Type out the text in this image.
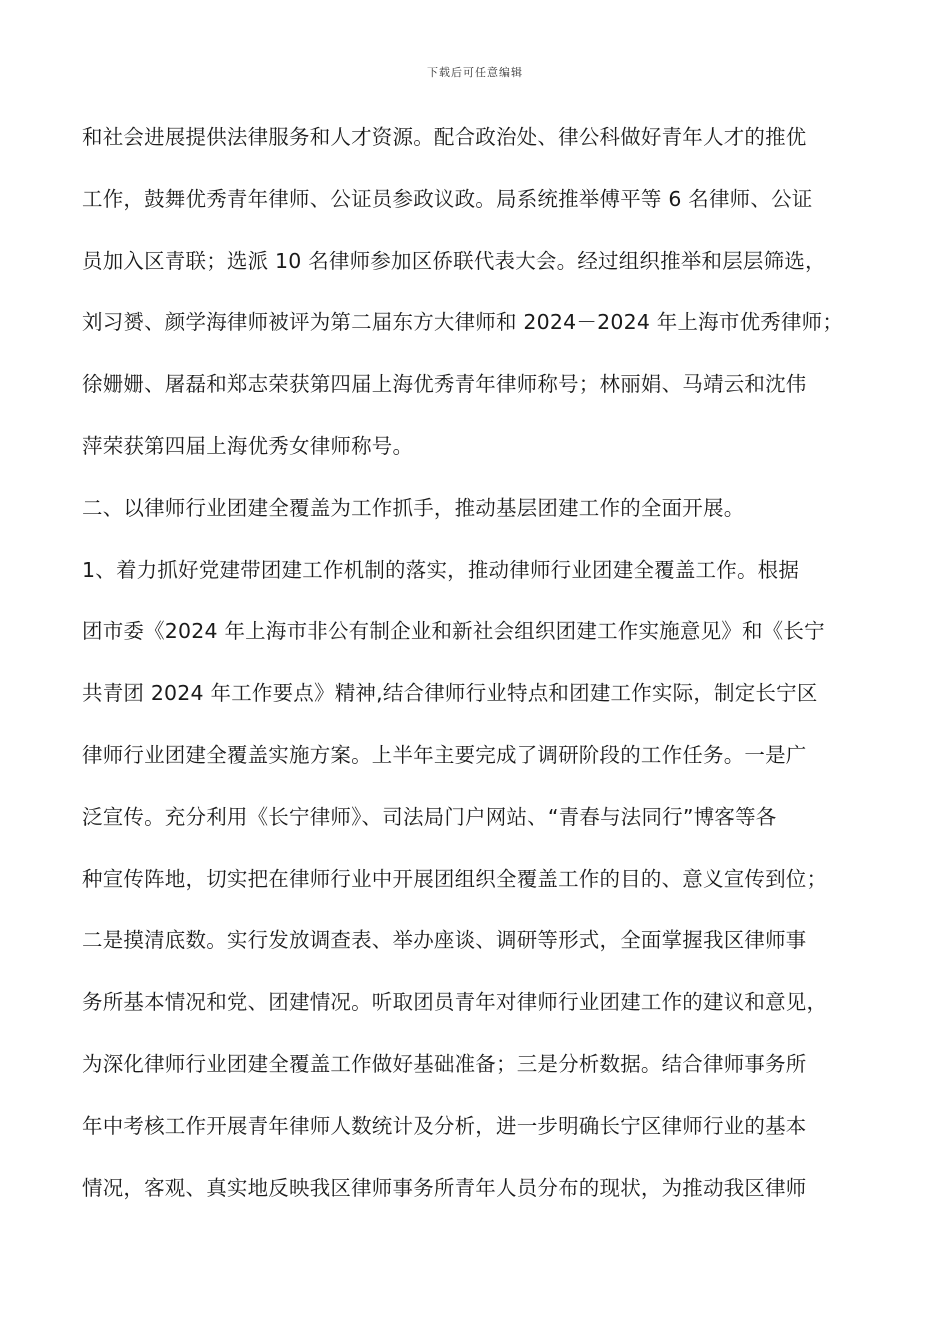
下载后可任意编辑
和社会进展提供法律服务和人才资源。配合政治处、律公科做好青年人才的推优
工作，鼓舞优秀青年律师、公证员参政议政。局系统推举傅平等 6 名律师、公证
员加入区青联；选派 10 名律师参加区侨联代表大会。经过组织推举和层层筛选，
刘习赟、颜学海律师被评为第二届东方大律师和 2024－2024 年上海市优秀律师；
徐姗姗、屠磊和郑志荣获第四届上海优秀青年律师称号；林丽娟、马靖云和沈伟
萍荣获第四届上海优秀女律师称号。
二、以律师行业团建全覆盖为工作抓手，推动基层团建工作的全面开展。
1、着力抓好党建带团建工作机制的落实，推动律师行业团建全覆盖工作。根据
团市委《2024 年上海市非公有制企业和新社会组织团建工作实施意见》和《长宁
共青团 2024 年工作要点》精神,结合律师行业特点和团建工作实际，制定长宁区
律师行业团建全覆盖实施方案。上半年主要完成了调研阶段的工作任务。一是广
泛宣传。充分利用《长宁律师》、司法局门户网站、“青春与法同行”博客等各
种宣传阵地，切实把在律师行业中开展团组织全覆盖工作的目的、意义宣传到位；
二是摸清底数。实行发放调查表、举办座谈、调研等形式，全面掌握我区律师事
务所基本情况和党、团建情况。听取团员青年对律师行业团建工作的建议和意见，
为深化律师行业团建全覆盖工作做好基础准备；三是分析数据。结合律师事务所
年中考核工作开展青年律师人数统计及分析，进一步明确长宁区律师行业的基本
情况，客观、真实地反映我区律师事务所青年人员分布的现状，为推动我区律师
